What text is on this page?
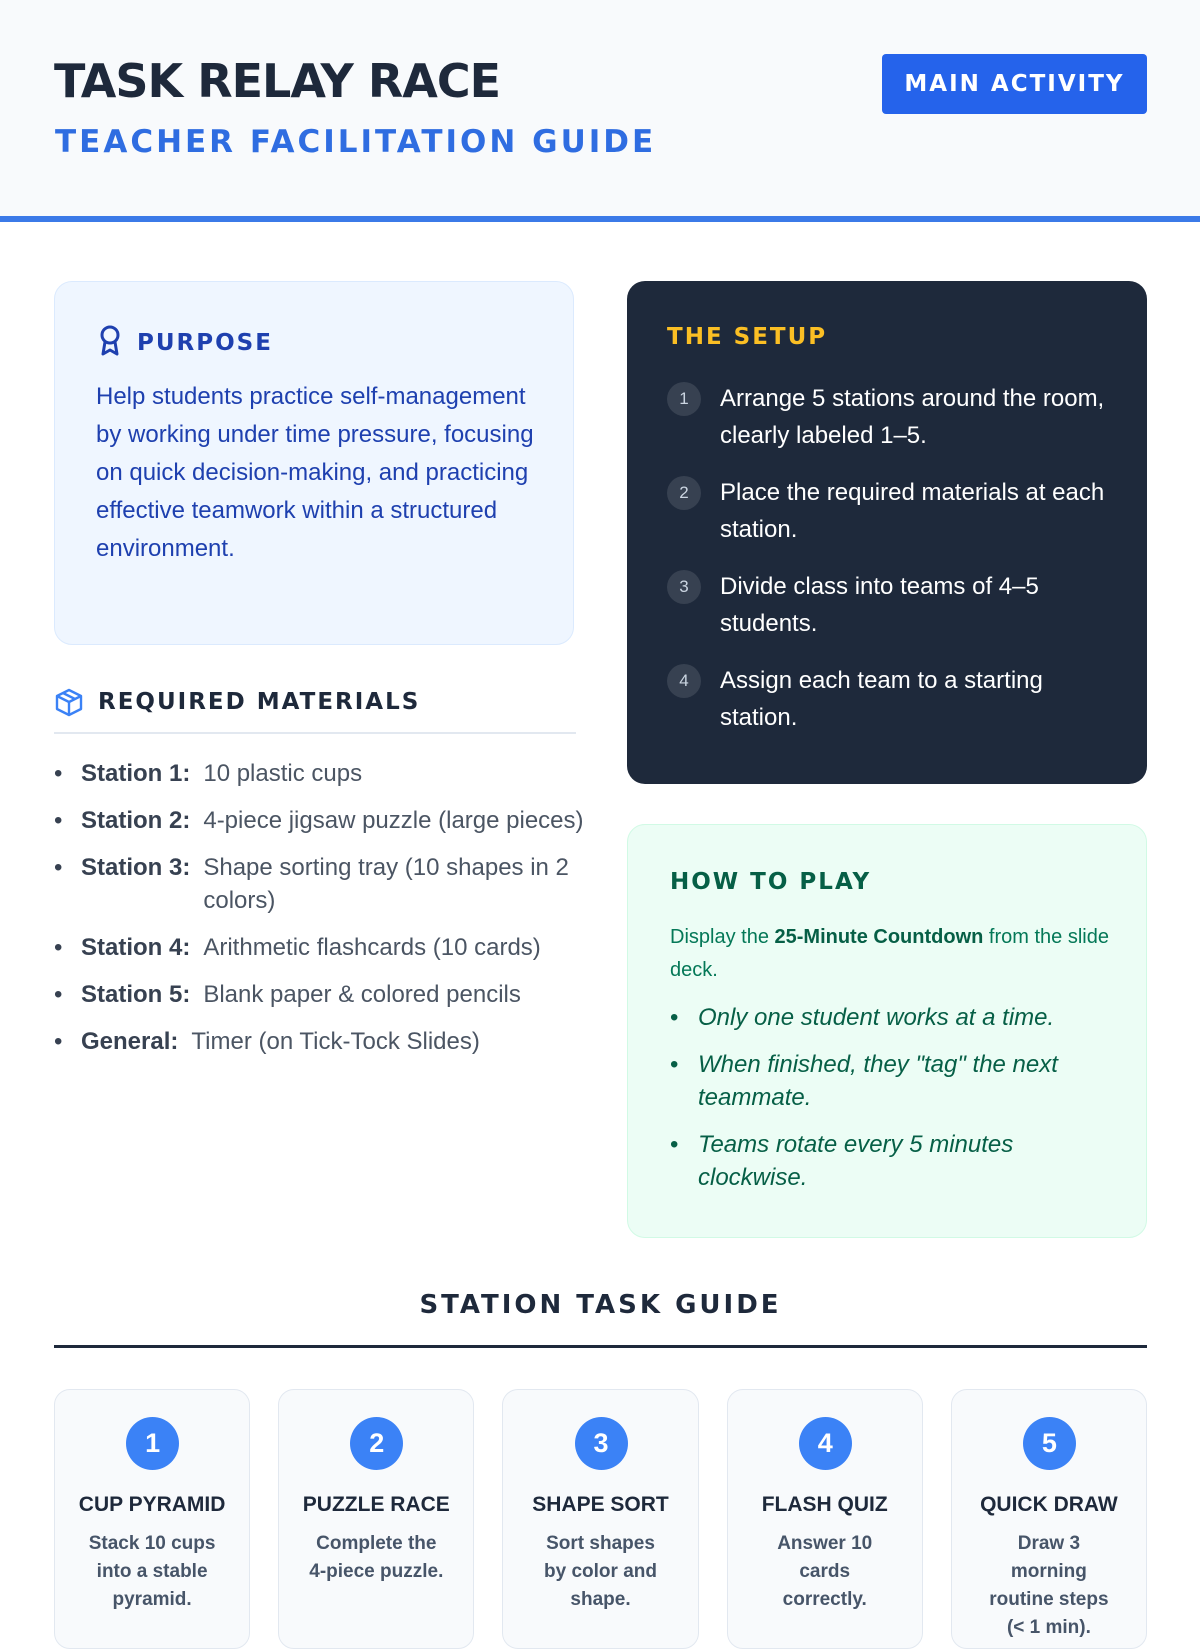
TASK RELAY RACE
TEACHER FACILITATION GUIDE
MAIN ACTIVITY
PURPOSE

Help students practice self-management by working under time pressure, focusing on quick decision-making, and practicing effective teamwork within a structured environment.

REQUIRED MATERIALS
• Station 1: 10 plastic cups
• Station 2: 4-piece jigsaw puzzle (large pieces)
• Station 3: Shape sorting tray (10 shapes in 2 colors)
• Station 4: Arithmetic flashcards (10 cards)
• Station 5: Blank paper & colored pencils
• General: Timer (on Tick-Tock Slides)
THE SETUP
1	Arrange 5 stations around the room, clearly labeled 1–5.
2	Place the required materials at each station.
3	Divide class into teams of 4–5 students.
4	Assign each team to a starting station.
HOW TO PLAY

Display the 25-Minute Countdown from the slide deck.

• Only one student works at a time.
• When finished, they "tag" the next teammate.
• Teams rotate every 5 minutes clockwise.
STATION TASK GUIDE
1
CUP PYRAMID
Stack 10 cups into a stable pyramid.
2
PUZZLE RACE
Complete the 4-piece puzzle.
3
SHAPE SORT
Sort shapes by color and shape.
4
FLASH QUIZ
Answer 10 cards correctly.
5
QUICK DRAW
Draw 3 morning routine steps (< 1 min).
